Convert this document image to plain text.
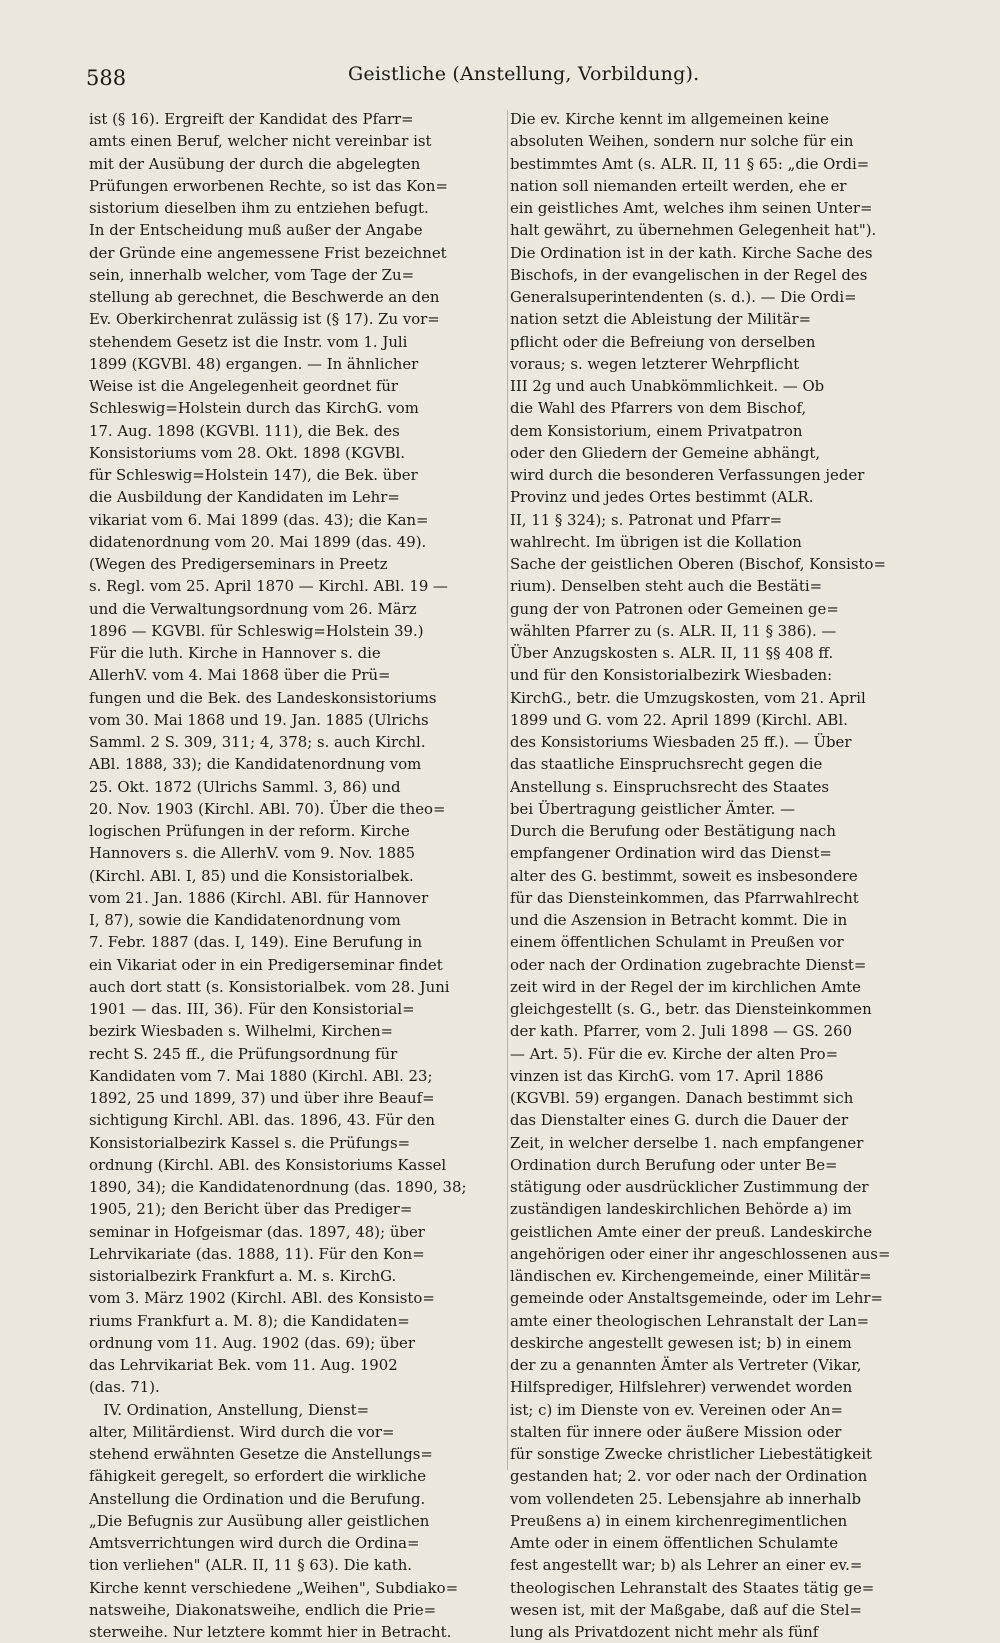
588	Geistliche (Anstellung, Vorbildung).
ist (§ 16). Ergreift der Kandidat des Pfarr=
amts einen Beruf, welcher nicht vereinbar ist
mit der Ausübung der durch die abgelegten
Prüfungen erworbenen Rechte, so ist das Kon=
sistorium dieselben ihm zu entziehen befugt.
In der Entscheidung muß außer der Angabe
der Gründe eine angemessene Frist bezeichnet
sein, innerhalb welcher, vom Tage der Zu=
stellung ab gerechnet, die Beschwerde an den
Ev. Oberkirchenrat zulässig ist (§ 17). Zu vor=
stehendem Gesetz ist die Instr. vom 1. Juli
1899 (KGVBl. 48) ergangen. — In ähnlicher
Weise ist die Angelegenheit geordnet für
Schleswig=Holstein durch das KirchG. vom
17. Aug. 1898 (KGVBl. 111), die Bek. des
Konsistoriums vom 28. Okt. 1898 (KGVBl.
für Schleswig=Holstein 147), die Bek. über
die Ausbildung der Kandidaten im Lehr=
vikariat vom 6. Mai 1899 (das. 43); die Kan=
didatenordnung vom 20. Mai 1899 (das. 49).
(Wegen des Predigerseminars in Preetz
s. Regl. vom 25. April 1870 — Kirchl. ABl. 19 —
und die Verwaltungsordnung vom 26. März
1896 — KGVBl. für Schleswig=Holstein 39.)
Für die luth. Kirche in Hannover s. die
AllerhV. vom 4. Mai 1868 über die Prü=
fungen und die Bek. des Landeskonsistoriums
vom 30. Mai 1868 und 19. Jan. 1885 (Ulrichs
Samml. 2 S. 309, 311; 4, 378; s. auch Kirchl.
ABl. 1888, 33); die Kandidatenordnung vom
25. Okt. 1872 (Ulrichs Samml. 3, 86) und
20. Nov. 1903 (Kirchl. ABl. 70). Über die theo=
logischen Prüfungen in der reform. Kirche
Hannovers s. die AllerhV. vom 9. Nov. 1885
(Kirchl. ABl. I, 85) und die Konsistorialbek.
vom 21. Jan. 1886 (Kirchl. ABl. für Hannover
I, 87), sowie die Kandidatenordnung vom
7. Febr. 1887 (das. I, 149). Eine Berufung in
ein Vikariat oder in ein Predigerseminar findet
auch dort statt (s. Konsistorialbek. vom 28. Juni
1901 — das. III, 36). Für den Konsistorial=
bezirk Wiesbaden s. Wilhelmi, Kirchen=
recht S. 245 ff., die Prüfungsordnung für
Kandidaten vom 7. Mai 1880 (Kirchl. ABl. 23;
1892, 25 und 1899, 37) und über ihre Beauf=
sichtigung Kirchl. ABl. das. 1896, 43. Für den
Konsistorialbezirk Kassel s. die Prüfungs=
ordnung (Kirchl. ABl. des Konsistoriums Kassel
1890, 34); die Kandidatenordnung (das. 1890, 38;
1905, 21); den Bericht über das Prediger=
seminar in Hofgeismar (das. 1897, 48); über
Lehrvikariate (das. 1888, 11). Für den Kon=
sistorialbezirk Frankfurt a. M. s. KirchG.
vom 3. März 1902 (Kirchl. ABl. des Konsisto=
riums Frankfurt a. M. 8); die Kandidaten=
ordnung vom 11. Aug. 1902 (das. 69); über
das Lehrvikariat Bek. vom 11. Aug. 1902
(das. 71).
IV. Ordination, Anstellung, Dienst=
alter, Militärdienst. Wird durch die vor=
stehend erwähnten Gesetze die Anstellungs=
fähigkeit geregelt, so erfordert die wirkliche
Anstellung die Ordination und die Berufung.
„Die Befugnis zur Ausübung aller geistlichen
Amtsverrichtungen wird durch die Ordina=
tion verliehen" (ALR. II, 11 § 63). Die kath.
Kirche kennt verschiedene „Weihen", Subdiako=
natsweihe, Diakonatsweihe, endlich die Prie=
sterweihe. Nur letztere kommt hier in Betracht.
Die ev. Kirche kennt im allgemeinen keine
absoluten Weihen, sondern nur solche für ein
bestimmtes Amt (s. ALR. II, 11 § 65: „die Ordi=
nation soll niemanden erteilt werden, ehe er
ein geistliches Amt, welches ihm seinen Unter=
halt gewährt, zu übernehmen Gelegenheit hat").
Die Ordination ist in der kath. Kirche Sache des
Bischofs, in der evangelischen in der Regel des
Generalsuperintendenten (s. d.). — Die Ordi=
nation setzt die Ableistung der Militär=
pflicht oder die Befreiung von derselben
voraus; s. wegen letzterer Wehrpflicht
III 2g und auch Unabkömmlichkeit. — Ob
die Wahl des Pfarrers von dem Bischof,
dem Konsistorium, einem Privatpatron
oder den Gliedern der Gemeine abhängt,
wird durch die besonderen Verfassungen jeder
Provinz und jedes Ortes bestimmt (ALR.
II, 11 § 324); s. Patronat und Pfarr=
wahlrecht. Im übrigen ist die Kollation
Sache der geistlichen Oberen (Bischof, Konsisto=
rium). Denselben steht auch die Bestäti=
gung der von Patronen oder Gemeinen ge=
wählten Pfarrer zu (s. ALR. II, 11 § 386). —
Über Anzugskosten s. ALR. II, 11 §§ 408 ff.
und für den Konsistorialbezirk Wiesbaden:
KirchG., betr. die Umzugskosten, vom 21. April
1899 und G. vom 22. April 1899 (Kirchl. ABl.
des Konsistoriums Wiesbaden 25 ff.). — Über
das staatliche Einspruchsrecht gegen die
Anstellung s. Einspruchsrecht des Staates
bei Übertragung geistlicher Ämter. —
Durch die Berufung oder Bestätigung nach
empfangener Ordination wird das Dienst=
alter des G. bestimmt, soweit es insbesondere
für das Diensteinkommen, das Pfarrwahlrecht
und die Aszension in Betracht kommt. Die in
einem öffentlichen Schulamt in Preußen vor
oder nach der Ordination zugebrachte Dienst=
zeit wird in der Regel der im kirchlichen Amte
gleichgestellt (s. G., betr. das Diensteinkommen
der kath. Pfarrer, vom 2. Juli 1898 — GS. 260
— Art. 5). Für die ev. Kirche der alten Pro=
vinzen ist das KirchG. vom 17. April 1886
(KGVBl. 59) ergangen. Danach bestimmt sich
das Dienstalter eines G. durch die Dauer der
Zeit, in welcher derselbe 1. nach empfangener
Ordination durch Berufung oder unter Be=
stätigung oder ausdrücklicher Zustimmung der
zuständigen landeskirchlichen Behörde a) im
geistlichen Amte einer der preuß. Landeskirche
angehörigen oder einer ihr angeschlossenen aus=
ländischen ev. Kirchengemeinde, einer Militär=
gemeinde oder Anstaltsgemeinde, oder im Lehr=
amte einer theologischen Lehranstalt der Lan=
deskirche angestellt gewesen ist; b) in einem
der zu a genannten Ämter als Vertreter (Vikar,
Hilfsprediger, Hilfslehrer) verwendet worden
ist; c) im Dienste von ev. Vereinen oder An=
stalten für innere oder äußere Mission oder
für sonstige Zwecke christlicher Liebestätigkeit
gestanden hat; 2. vor oder nach der Ordination
vom vollendeten 25. Lebensjahre ab innerhalb
Preußens a) in einem kirchenregimentlichen
Amte oder in einem öffentlichen Schulamte
fest angestellt war; b) als Lehrer an einer ev.=
theologischen Lehranstalt des Staates tätig ge=
wesen ist, mit der Maßgabe, daß auf die Stel=
lung als Privatdozent nicht mehr als fünf
